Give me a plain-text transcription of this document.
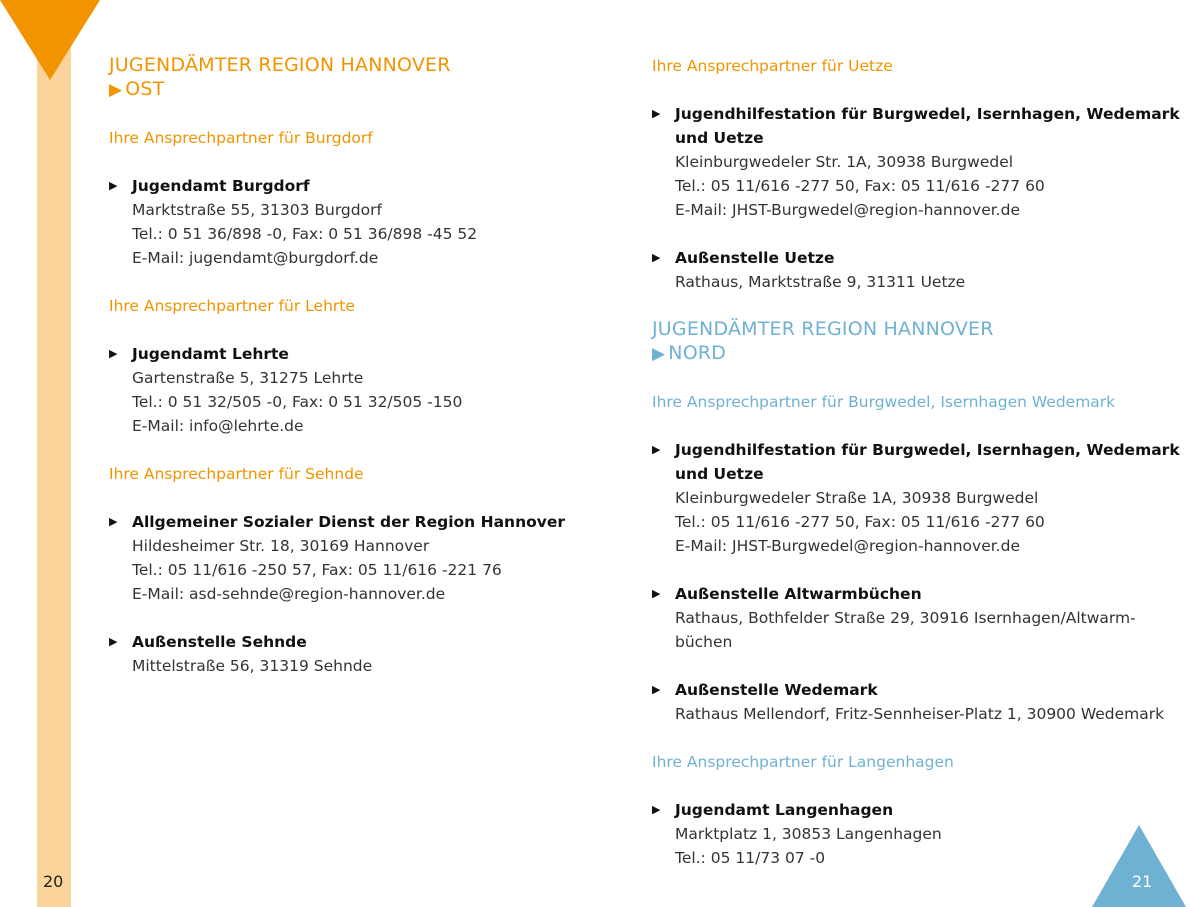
20	21
JUGENDÄMTER REGION HANNOVER
▶ OST
Ihre Ansprechpartner für Burgdorf
▶ Jugendamt Burgdorf
Marktstraße 55, 31303 Burgdorf
Tel.: 0 51 36/898 -0, Fax: 0 51 36/898 -45 52
E-Mail: jugendamt@burgdorf.de
Ihre Ansprechpartner für Lehrte
▶ Jugendamt Lehrte
Gartenstraße 5, 31275 Lehrte
Tel.: 0 51 32/505 -0, Fax: 0 51 32/505 -150
E-Mail: info@lehrte.de
Ihre Ansprechpartner für Sehnde
▶ Allgemeiner Sozialer Dienst der Region Hannover
Hildesheimer Str. 18, 30169 Hannover
Tel.: 05 11/616 -250 57, Fax: 05 11/616 -221 76
E-Mail: asd-sehnde@region-hannover.de
▶ Außenstelle Sehnde
Mittelstraße 56, 31319 Sehnde
Ihre Ansprechpartner für Uetze
▶ Jugendhilfestation für Burgwedel, Isernhagen, Wedemark
und Uetze
Kleinburgwedeler Str. 1A, 30938 Burgwedel
Tel.: 05 11/616 -277 50, Fax: 05 11/616 -277 60
E-Mail: JHST-Burgwedel@region-hannover.de
▶ Außenstelle Uetze
Rathaus, Marktstraße 9, 31311 Uetze
JUGENDÄMTER REGION HANNOVER
▶ NORD
Ihre Ansprechpartner für Burgwedel, Isernhagen Wedemark
▶ Jugendhilfestation für Burgwedel, Isernhagen, Wedemark
und Uetze
Kleinburgwedeler Straße 1A, 30938 Burgwedel
Tel.: 05 11/616 -277 50, Fax: 05 11/616 -277 60
E-Mail: JHST-Burgwedel@region-hannover.de
▶ Außenstelle Altwarmbüchen
Rathaus, Bothfelder Straße 29, 30916 Isernhagen/Altwarm-
büchen
▶ Außenstelle Wedemark
Rathaus Mellendorf, Fritz-Sennheiser-Platz 1, 30900 Wedemark
Ihre Ansprechpartner für Langenhagen
▶ Jugendamt Langenhagen
Marktplatz 1, 30853 Langenhagen
Tel.: 05 11/73 07 -0
